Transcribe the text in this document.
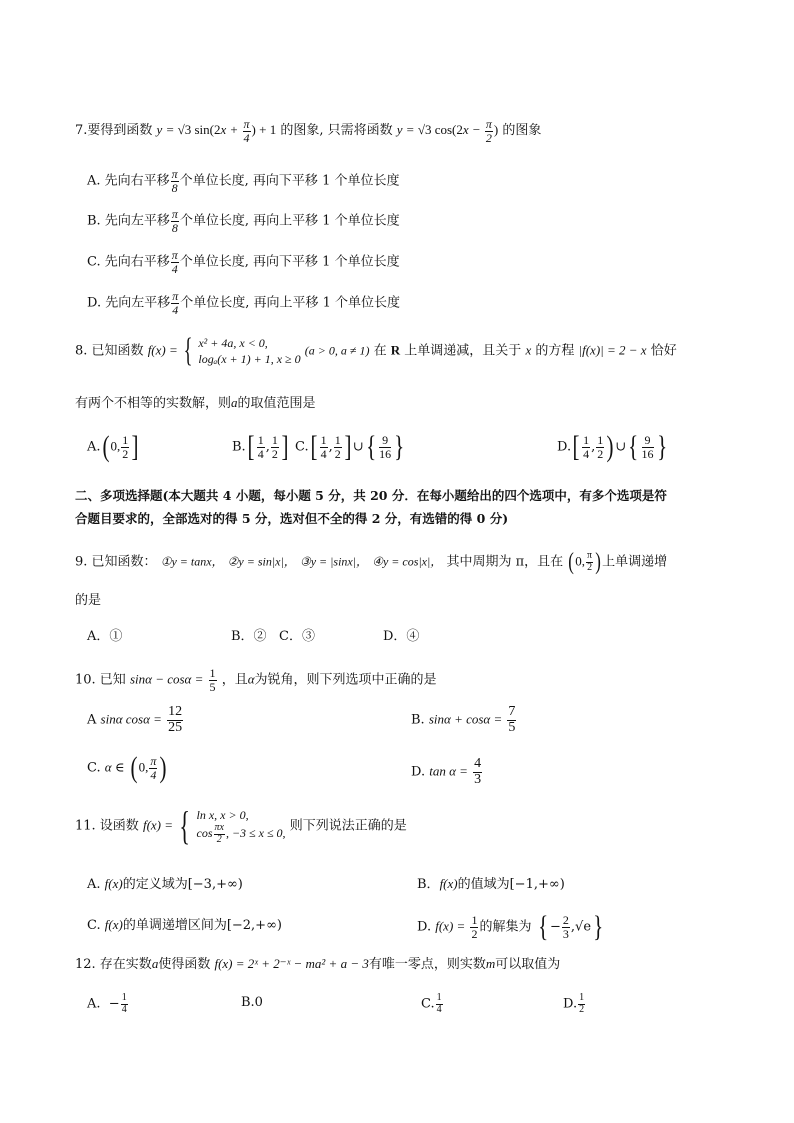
7.要得到函数 y = √3 $\sin(2x + \frac{\pi}{4}$ ) + 1 的图象, 只需将函数 y = √3 $\cos(2x - \frac{\pi}{2}$ ) 的图象
A. 先向右平移 $\frac{\pi}{8}$ 个单位长度, 再向下平移 1 个单位长度
B. 先向左平移 $\frac{\pi}{8}$ 个单位长度, 再向上平移 1 个单位长度
C. 先向右平移 $\frac{\pi}{4}$ 个单位长度, 再向下平移 1 个单位长度
D. 先向左平移 $\frac{\pi}{4}$ 个单位长度, 再向上平移 1 个单位长度
8. 已知函数 f(x) = { x² + 4a, x < 0,
logₐ(x + 1) + 1, x ≥ 0
(a > 0, a ≠ 1) 在 R 上单调递减，且关于 x 的方程 |f(x)| = 2 − x 恰好
有两个不相等的实数解，则a的取值范围是
A.( 0, $\frac{1}{2}$ ]	$B.[ \frac{1}{4}$ , $\frac{1}{2}$ ] $C.[ \frac{1}{4}$ , $\frac{1}{2}$ ] ∪{ $\frac{9}{16}$ }	$D.[ \frac{1}{4}$ , $\frac{1}{2}$ ) ∪{ $\frac{9}{16}$ }
二、多项选择题(本大题共 4 小题，每小题 5 分，共 20 分．在每小题给出的四个选项中，有多个选项是符
合题目要求的，全部选对的得 5 分，选对但不全的得 2 分，有选错的得 0 分)
9. 已知函数： ①y = tanx， ②y = sin|x|， ③y = |sinx|， ④y = cos|x|， 其中周期为 π，且在 (0, $\frac{\pi}{2}$ )上单调递增
的是
A．①	B．② C．③	D．④
10. 已知 $\sin\alpha - \cos\alpha = \frac{1}{5}$ ，且α为锐角，则下列选项中正确的是
A sinα $\cos\alpha = \frac{12}{25}$	B. $\sin\alpha + \cos\alpha = \frac{7}{5}$
C. α ∈ ( 0, $\frac{\pi}{4}$ )	D. $\tan \alpha = \frac{4}{3}$
11. 设函数 f(x) = { ln x, x > 0,
$\cos \frac{\pi x}{2}$ , −3 ≤ x ≤ 0, 则下列说法正确的是
A. f(x)的定义域为[−3,+∞)	B．f(x)的值域为[−1,+∞)
C. f(x)的单调递增区间为[−2,+∞)	D. $f(x) = \frac{1}{2}$ 的解集为 { − $\frac{2}{3} ,√e$}
12. 存在实数a使得函数 f(x) = 2ˣ + 2⁻ˣ − ma² + a − 3有唯一零点，则实数m可以取值为
A. − $\frac{1}{4}$	B.0	C. $\frac{1}{4}$	D. $\frac{1}{2}$
